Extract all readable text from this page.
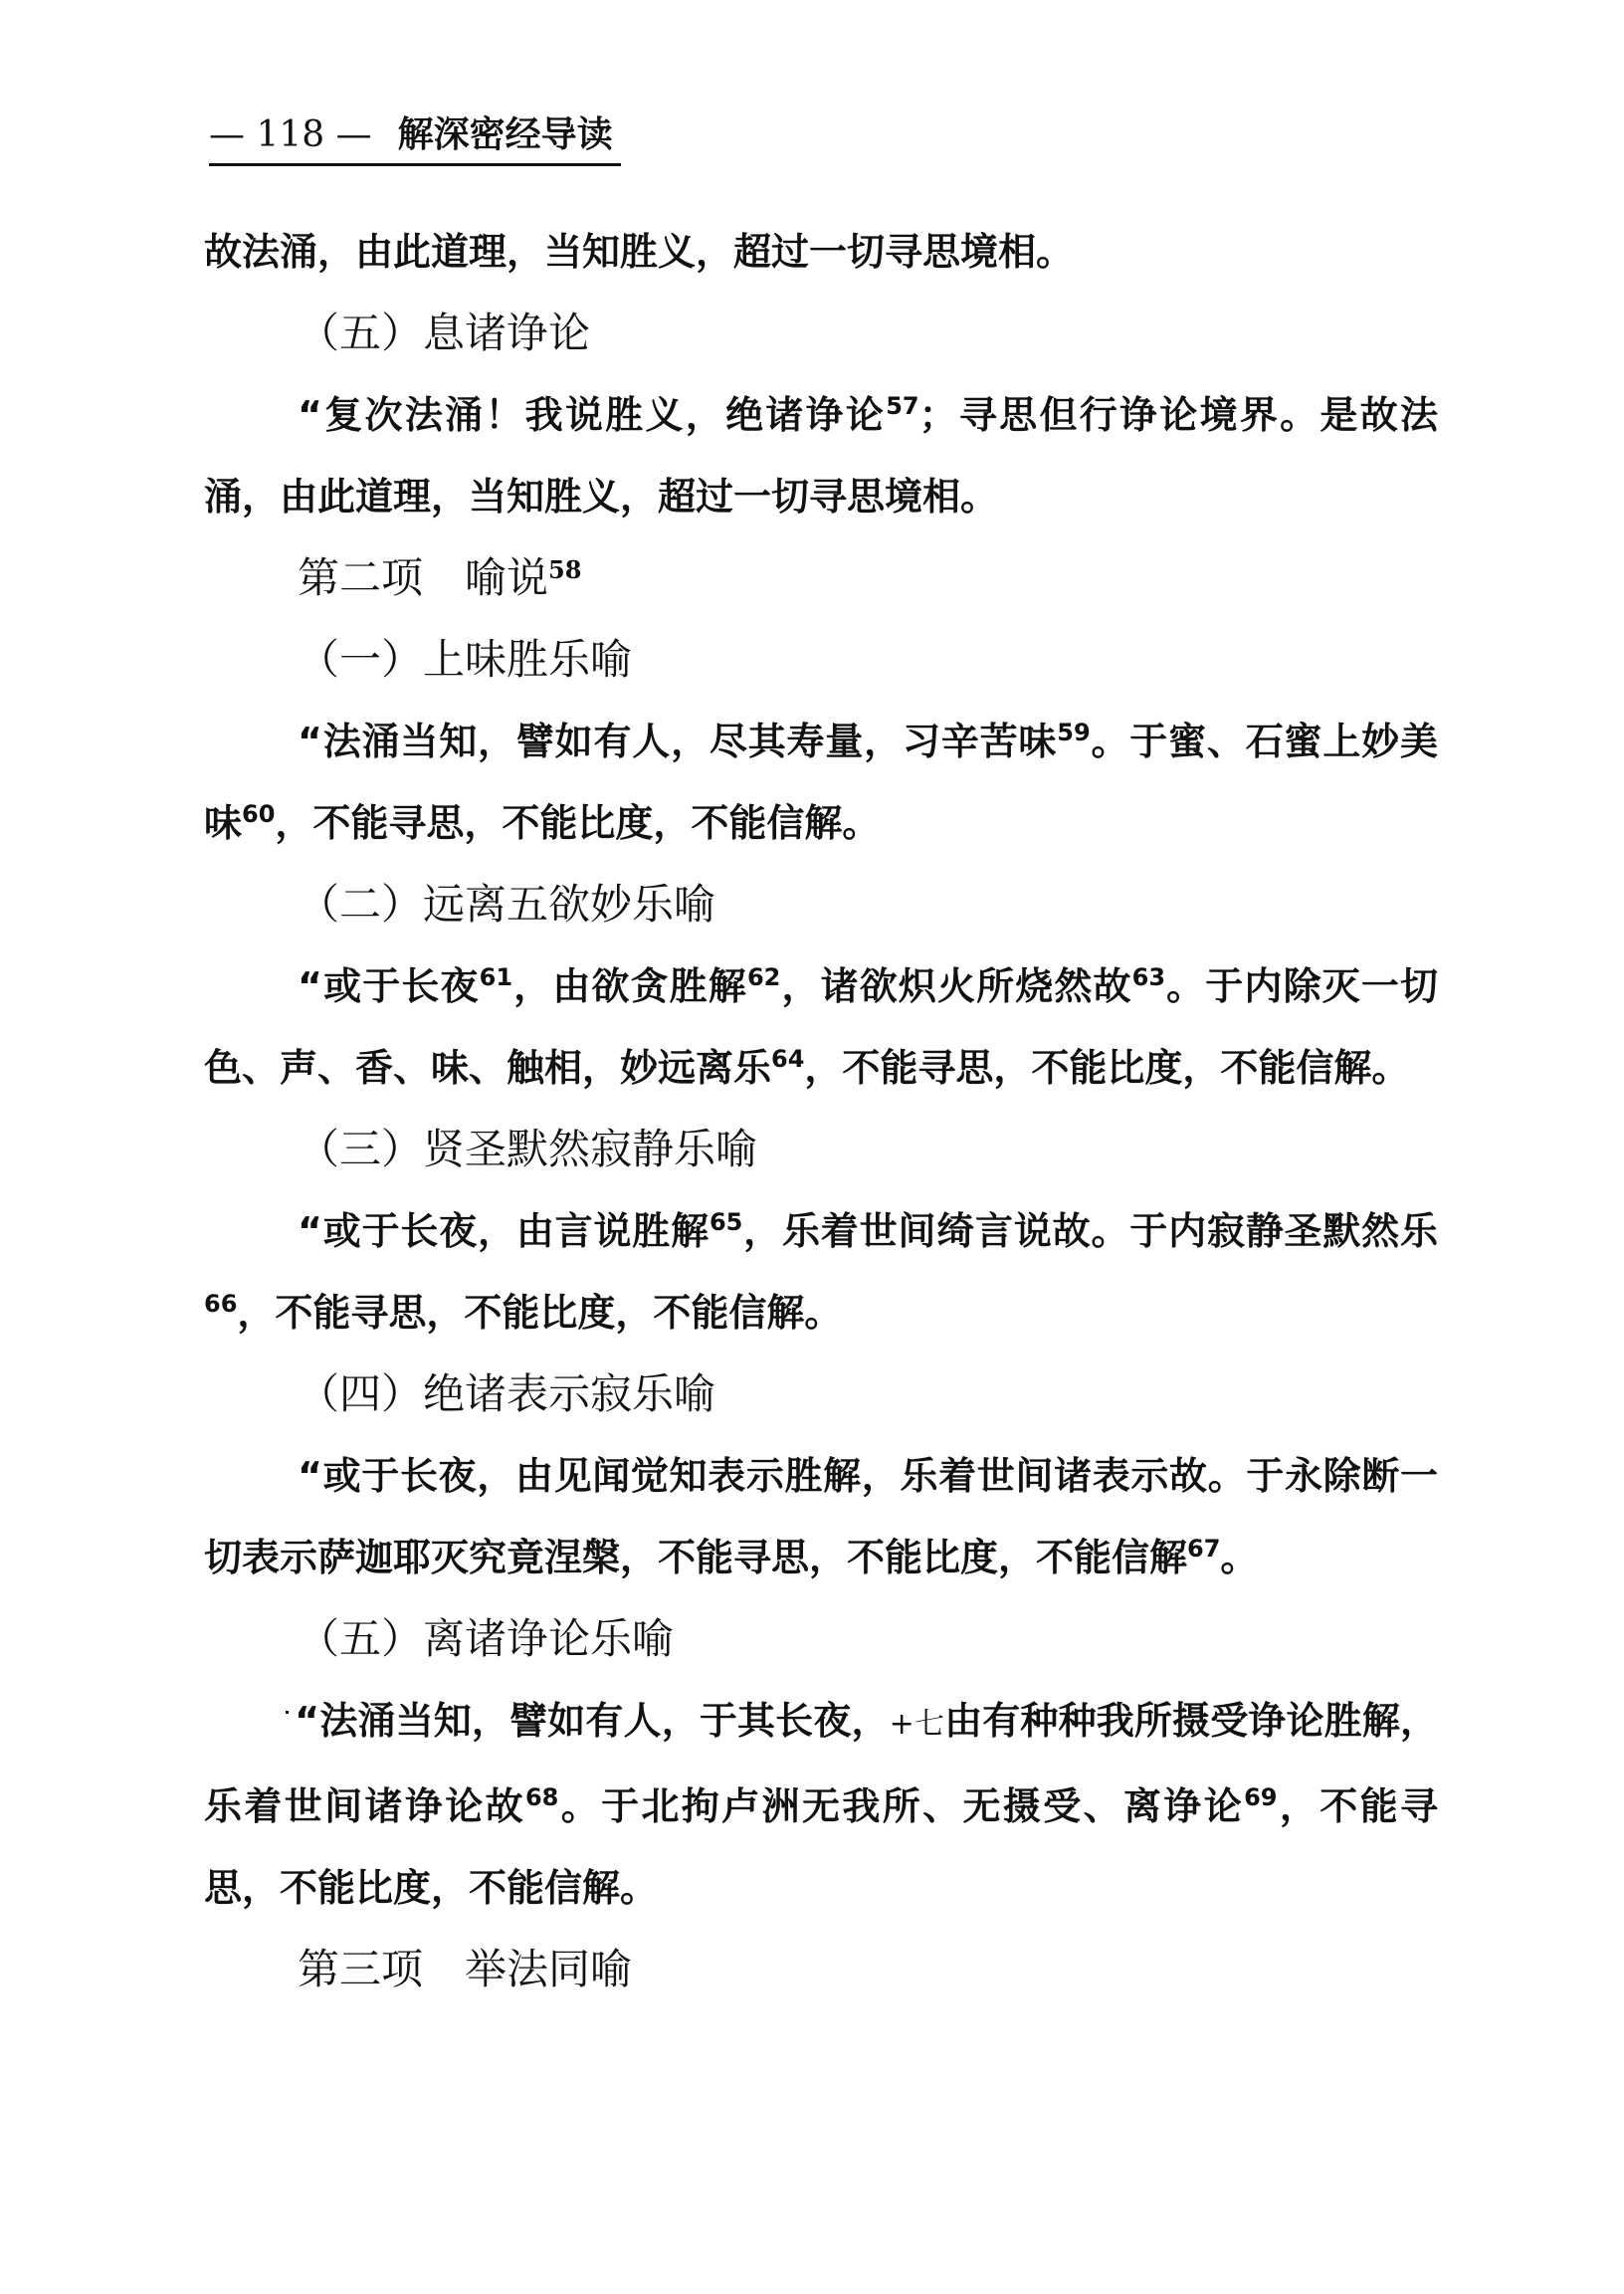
— 118 — 解深密经导读

故法涌，由此道理，当知胜义，超过一切寻思境相。

（五）息诸诤论

“复次法涌！我说胜义，绝诸诤论$^{57}$；寻思但行诤论境界。是故法涌，由此道理，当知胜义，超过一切寻思境相。

第二项　喻说$^{58}$

（一）上味胜乐喻

“法涌当知，譬如有人，尽其寿量，习辛苦味$^{59}$。于蜜、石蜜上妙美味$^{60}$，不能寻思，不能比度，不能信解。

（二）远离五欲妙乐喻

“或于长夜$^{61}$，由欲贪胜解$^{62}$，诸欲炽火所烧然故$^{63}$。于内除灭一切色、声、香、味、触相，妙远离乐$^{64}$，不能寻思，不能比度，不能信解。

（三）贤圣默然寂静乐喻

“或于长夜，由言说胜解$^{65}$，乐着世间绮言说故。于内寂静圣默然乐$^{66}$，不能寻思，不能比度，不能信解。

（四）绝诸表示寂乐喻

“或于长夜，由见闻觉知表示胜解，乐着世间诸表示故。于永除断一切表示萨迦耶灭究竟涅槃，不能寻思，不能比度，不能信解$^{67}$。

（五）离诸诤论乐喻

˙“法涌当知，譬如有人，于其长夜，+七由有种种我所摄受诤论胜解，乐着世间诸诤论故$^{68}$。于北拘卢洲无我所、无摄受、离诤论$^{69}$，不能寻思，不能比度，不能信解。

第三项　举法同喻
